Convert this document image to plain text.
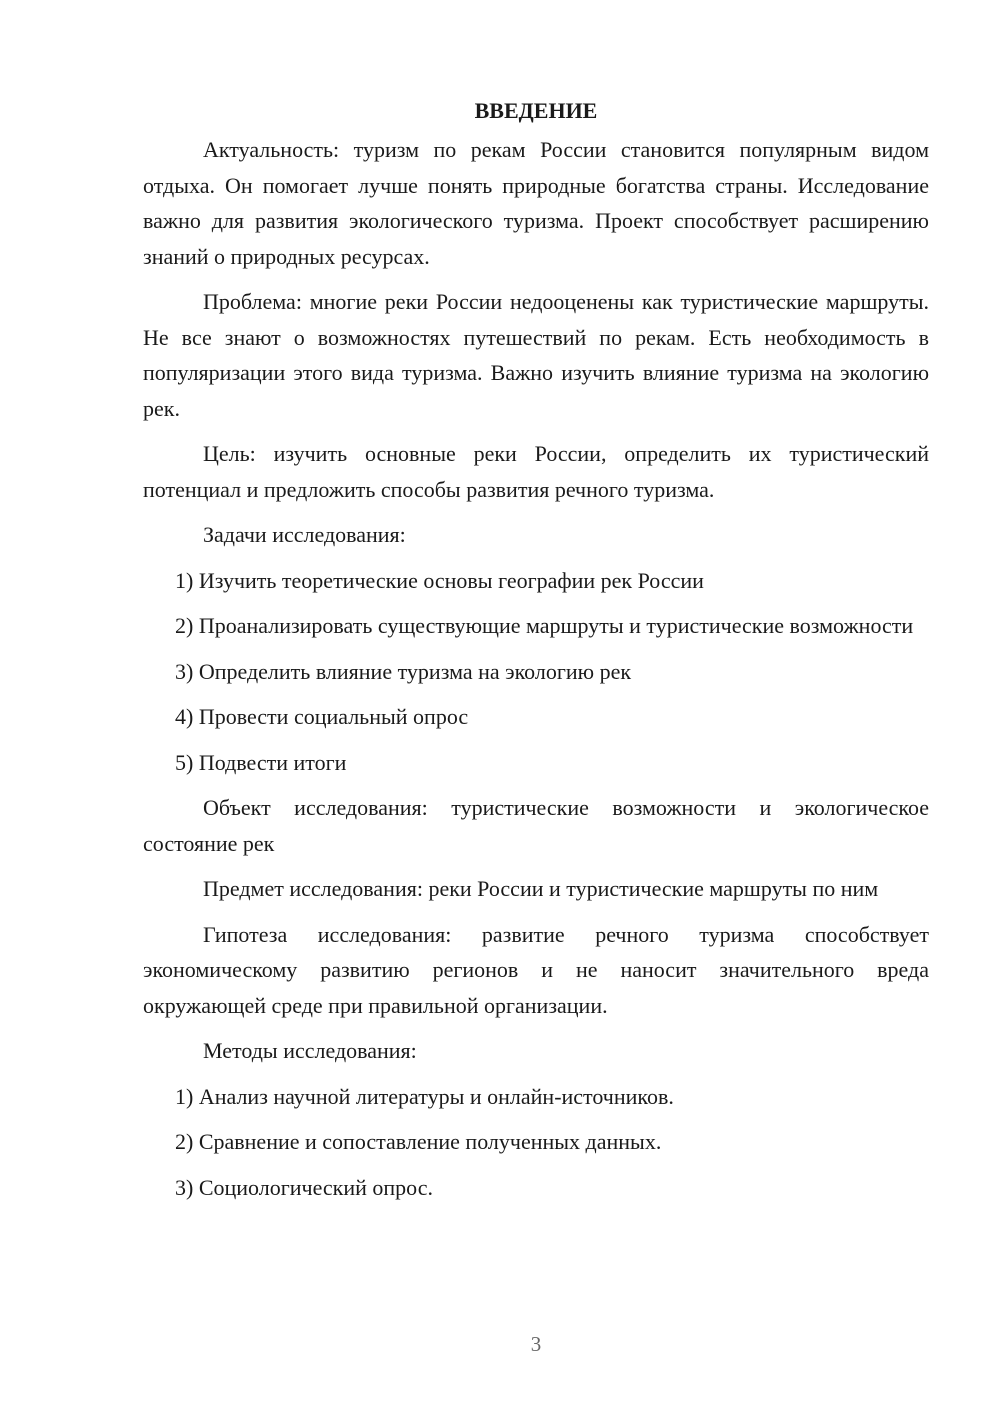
ВВЕДЕНИЕ

Актуальность: туризм по рекам России становится популярным видом отдыха. Он помогает лучше понять природные богатства страны. Исследование важно для развития экологического туризма. Проект способствует расширению знаний о природных ресурсах.

Проблема: многие реки России недооценены как туристические маршруты. Не все знают о возможностях путешествий по рекам. Есть необходимость в популяризации этого вида туризма. Важно изучить влияние туризма на экологию рек.

Цель: изучить основные реки России, определить их туристический потенциал и предложить способы развития речного туризма.

Задачи исследования:

1) Изучить теоретические основы географии рек России

2) Проанализировать существующие маршруты и туристические возможности

3) Определить влияние туризма на экологию рек

4) Провести социальный опрос

5) Подвести итоги

Объект исследования: туристические возможности и экологическое состояние рек

Предмет исследования: реки России и туристические маршруты по ним

Гипотеза исследования: развитие речного туризма способствует экономическому развитию регионов и не наносит значительного вреда окружающей среде при правильной организации.

Методы исследования:

1) Анализ научной литературы и онлайн-источников.

2) Сравнение и сопоставление полученных данных.

3) Социологический опрос.

3
